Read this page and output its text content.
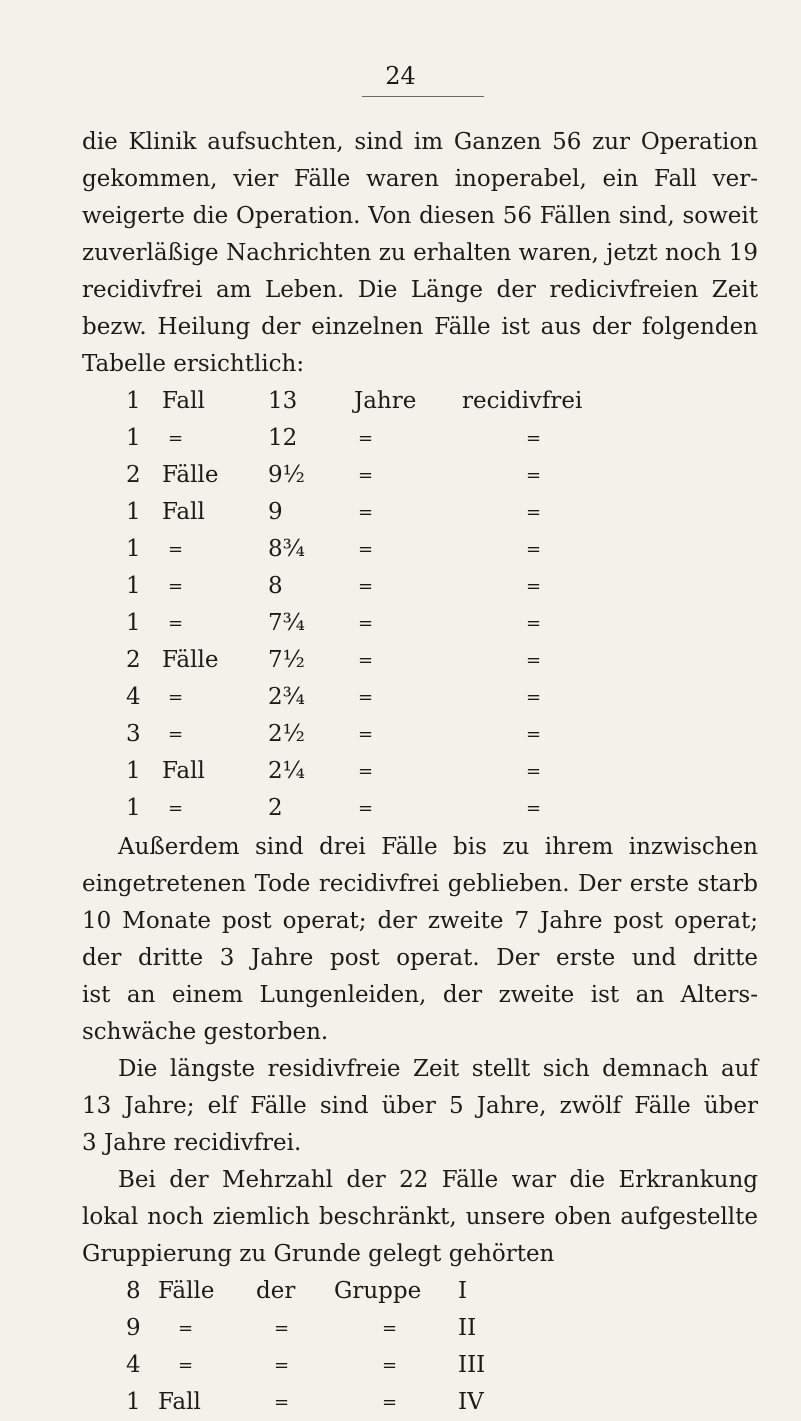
24
die Klinik aufsuchten, sind im Ganzen 56 zur Operation
gekommen, vier Fälle waren inoperabel, ein Fall ver-
weigerte die Operation. Von diesen 56 Fällen sind, soweit
zuverläßige Nachrichten zu erhalten waren, jetzt noch 19
recidivfrei am Leben. Die Länge der redicivfreien Zeit
bezw. Heilung der einzelnen Fälle ist aus der folgenden
Tabelle ersichtlich:
1 Fall	13 Jahre recidivfrei
1 =	12	=	=
2 Fälle 9½	=	=
1 Fall	9	=	=
1 =	8¾	=	=
1 =	8	=	=
1 =	7¾	=	=
2 Fälle 7½	=	=
4 =	2¾	=	=
3 =	2½	=	=
1 Fall	2¼	=	=
1 =	2	=	=
Außerdem sind drei Fälle bis zu ihrem inzwischen
eingetretenen Tode recidivfrei geblieben. Der erste starb
10 Monate post operat; der zweite 7 Jahre post operat;
der dritte 3 Jahre post operat. Der erste und dritte
ist an einem Lungenleiden, der zweite ist an Alters-
schwäche gestorben.
8 Fälle der Gruppe I
9 =	=	=	II
4 =	=	=	III
1 Fall	=	=	IV
Die längste residivfreie Zeit stellt sich demnach auf
13 Jahre; elf Fälle sind über 5 Jahre, zwölf Fälle über
3 Jahre recidivfrei.
Bei der Mehrzahl der 22 Fälle war die Erkrankung
lokal noch ziemlich beschränkt, unsere oben aufgestellte
Gruppierung zu Grunde gelegt gehörten
